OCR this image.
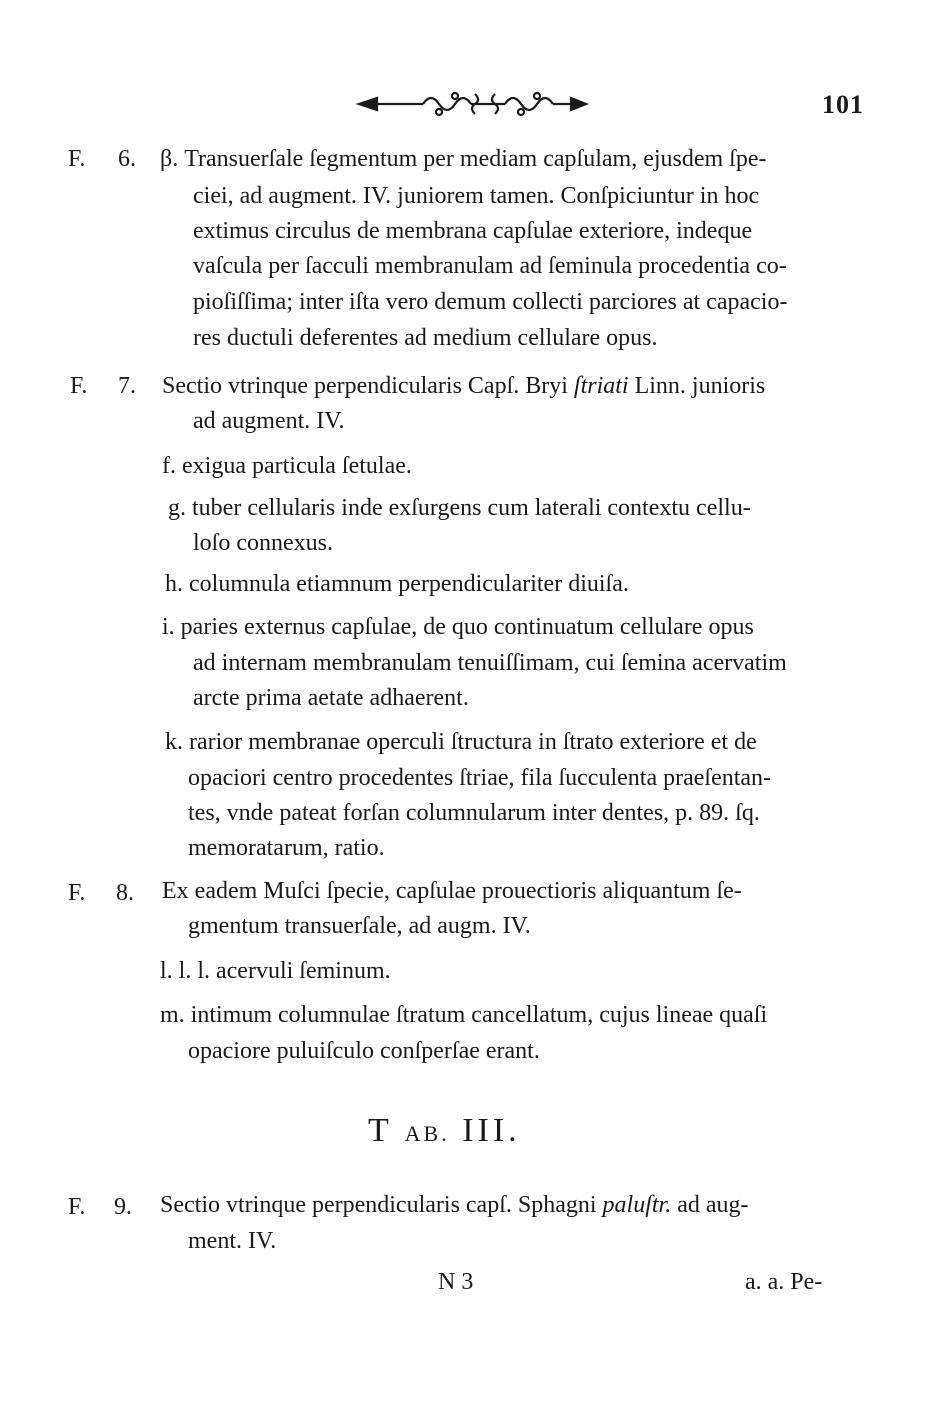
101
F. 6. β. Transuerſale ſegmentum per mediam capſulam, ejusdem ſpe-
ciei, ad augment. IV. juniorem tamen. Conſpiciuntur in hoc
extimus circulus de membrana capſulae exteriore, indeque
vaſcula per ſacculi membranulam ad ſeminula procedentia co-
pioſiſſima; inter iſta vero demum collecti parciores at capacio-
res ductuli deferentes ad medium cellulare opus.
F. 7. Sectio vtrinque perpendicularis Capſ. Bryi ſtriati Linn. junioris
ad augment. IV.
f. exigua particula ſetulae.
g. tuber cellularis inde exſurgens cum laterali contextu cellu-
loſo connexus.
h. columnula etiamnum perpendiculariter diuiſa.
i. paries externus capſulae, de quo continuatum cellulare opus
ad internam membranulam tenuiſſimam, cui ſemina acervatim
arcte prima aetate adhaerent.
k. rarior membranae operculi ſtructura in ſtrato exteriore et de
opaciori centro procedentes ſtriae, fila ſucculenta praeſentan-
tes, vnde pateat forſan columnularum inter dentes, p. 89. ſq.
memoratarum, ratio.
F. 8. Ex eadem Muſci ſpecie, capſulae prouectioris aliquantum ſe-
gmentum transuerſale, ad augm. IV.
l. l. l. acervuli ſeminum.
m. intimum columnulae ſtratum cancellatum, cujus lineae quaſi
opaciore puluiſculo conſperſae erant.
T AB. III.
F. 9. Sectio vtrinque perpendicularis capſ. Sphagni paluſtr. ad aug-
ment. IV.
N 3	a. a. Pe-
